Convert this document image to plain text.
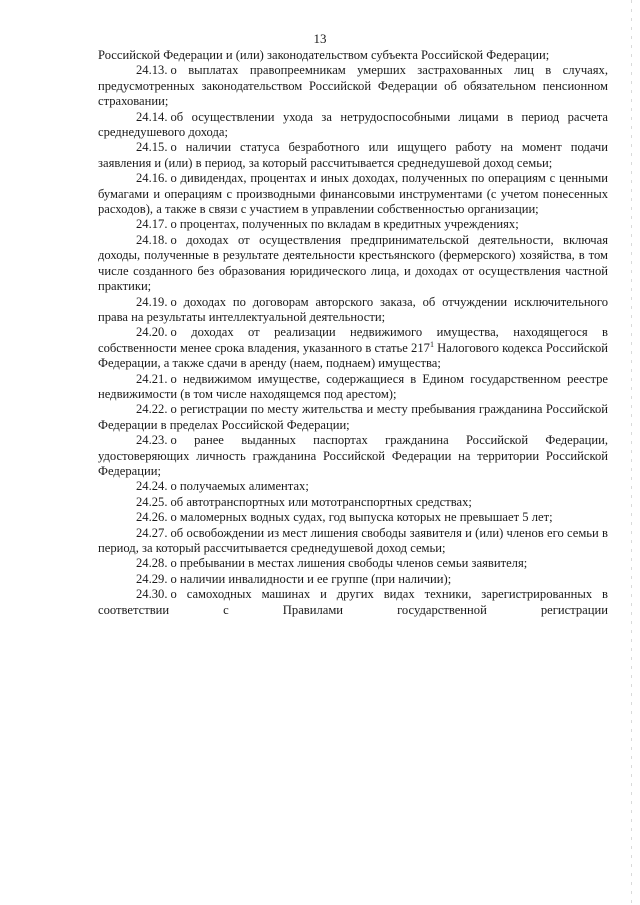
13

Российской Федерации и (или) законодательством субъекта Российской Федерации;

24.13. о выплатах правопреемникам умерших застрахованных лиц в случаях, предусмотренных законодательством Российской Федерации об обязательном пенсионном страховании;

24.14. об осуществлении ухода за нетрудоспособными лицами в период расчета среднедушевого дохода;

24.15. о наличии статуса безработного или ищущего работу на момент подачи заявления и (или) в период, за который рассчитывается среднедушевой доход семьи;

24.16. о дивидендах, процентах и иных доходах, полученных по операциям с ценными бумагами и операциям с производными финансовыми инструментами (с учетом понесенных расходов), а также в связи с участием в управлении собственностью организации;

24.17. о процентах, полученных по вкладам в кредитных учреждениях;

24.18. о доходах от осуществления предпринимательской деятельности, включая доходы, полученные в результате деятельности крестьянского (фермерского) хозяйства, в том числе созданного без образования юридического лица, и доходах от осуществления частной практики;

24.19. о доходах по договорам авторского заказа, об отчуждении исключительного права на результаты интеллектуальной деятельности;

24.20. о доходах от реализации недвижимого имущества, находящегося в собственности менее срока владения, указанного в статье $217^1$ Налогового кодекса Российской Федерации, а также сдачи в аренду (наем, поднаем) имущества;

24.21. о недвижимом имуществе, содержащиеся в Едином государственном реестре недвижимости (в том числе находящемся под арестом);

24.22. о регистрации по месту жительства и месту пребывания гражданина Российской Федерации в пределах Российской Федерации;

24.23. о ранее выданных паспортах гражданина Российской Федерации, удостоверяющих личность гражданина Российской Федерации на территории Российской Федерации;

24.24. о получаемых алиментах;

24.25. об автотранспортных или мототранспортных средствах;

24.26. о маломерных водных судах, год выпуска которых не превышает 5 лет;

24.27. об освобождении из мест лишения свободы заявителя и (или) членов его семьи в период, за который рассчитывается среднедушевой доход семьи;

24.28. о пребывании в местах лишения свободы членов семьи заявителя;

24.29. о наличии инвалидности и ее группе (при наличии);

24.30. о самоходных машинах и других видах техники, зарегистрированных в соответствии с Правилами государственной регистрации
